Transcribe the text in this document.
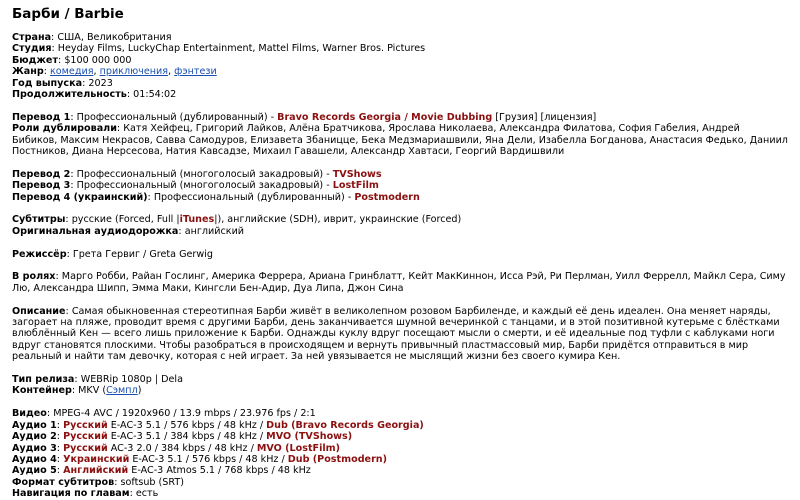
Барби / Barbie
Страна: США, Великобритания
Студия: Heyday Films, LuckyChap Entertainment, Mattel Films, Warner Bros. Pictures
Бюджет: $100 000 000
Жанр: комедия, приключения, фэнтези
Год выпуска: 2023
Продолжительность: 01:54:02
Перевод 1: Профессиональный (дублированный) - Bravo Records Georgia / Movie Dubbing [Грузия] [лицензия]
Роли дублировали: Катя Хейфец, Григорий Лайков, Алёна Братчикова, Ярослава Николаева, Александра Филатова, София Габелия, Андрей Бибиков, Максим Некрасов, Савва Самодуров, Елизавета Збаницце, Бека Медзмариашвили, Яна Дели, Изабелла Богданова, Анастасия Федько, Даниил Постников, Диана Нерсесова, Натия Кавсадзе, Михаил Гавашели, Александр Хавтаси, Георгий Вардишвили
Перевод 2: Профессиональный (многоголосый закадровый) - TVShows
Перевод 3: Профессиональный (многоголосый закадровый) - LostFilm
Перевод 4 (украинский): Профессиональный (дублированный) - Postmodern
Субтитры: русские (Forced, Full |iTunes|), английские (SDH), иврит, украинские (Forced)
Оригинальная аудиодорожка: английский
Режиссёр: Грета Гервиг / Greta Gerwig
В ролях: Марго Робби, Райан Гослинг, Америка Феррера, Ариана Гринблатт, Кейт МакКиннон, Исса Рэй, Ри Перлман, Уилл Феррелл, Майкл Сера, Симу Лю, Александра Шипп, Эмма Маки, Кингсли Бен-Адир, Дуа Липа, Джон Сина
Описание: Самая обыкновенная стереотипная Барби живёт в великолепном розовом Барбиленде, и каждый её день идеален. Она меняет наряды, загорает на пляже, проводит время с другими Барби, день заканчивается шумной вечеринкой с танцами, и в этой позитивной кутерьме с блёстками влюблённый Кен — всего лишь приложение к Барби. Однажды куклу вдруг посещают мысли о смерти, и её идеальные под туфли с каблуками ноги вдруг становятся плоскими. Чтобы разобраться в происходящем и вернуть привычный пластмассовый мир, Барби придётся отправиться в мир реальный и найти там девочку, которая с ней играет. За ней увязывается не мыслящий жизни без своего кумира Кен.
Тип релиза: WEBRip 1080p | Dela
Контейнер: MKV (Сэмпл)
Видео: MPEG-4 AVC / 1920x960 / 13.9 mbps / 23.976 fps / 2:1
Аудио 1: Русский E-AC-3 5.1 / 576 kbps / 48 kHz / Dub (Bravo Records Georgia)
Аудио 2: Русский E-AC-3 5.1 / 384 kbps / 48 kHz / MVO (TVShows)
Аудио 3: Русский AC-3 2.0 / 384 kbps / 48 kHz / MVO (LostFilm)
Аудио 4: Украинский E-AC-3 5.1 / 576 kbps / 48 kHz / Dub (Postmodern)
Аудио 5: Английский E-AC-3 Atmos 5.1 / 768 kbps / 48 kHz
Формат субтитров: softsub (SRT)
Навигация по главам: есть
